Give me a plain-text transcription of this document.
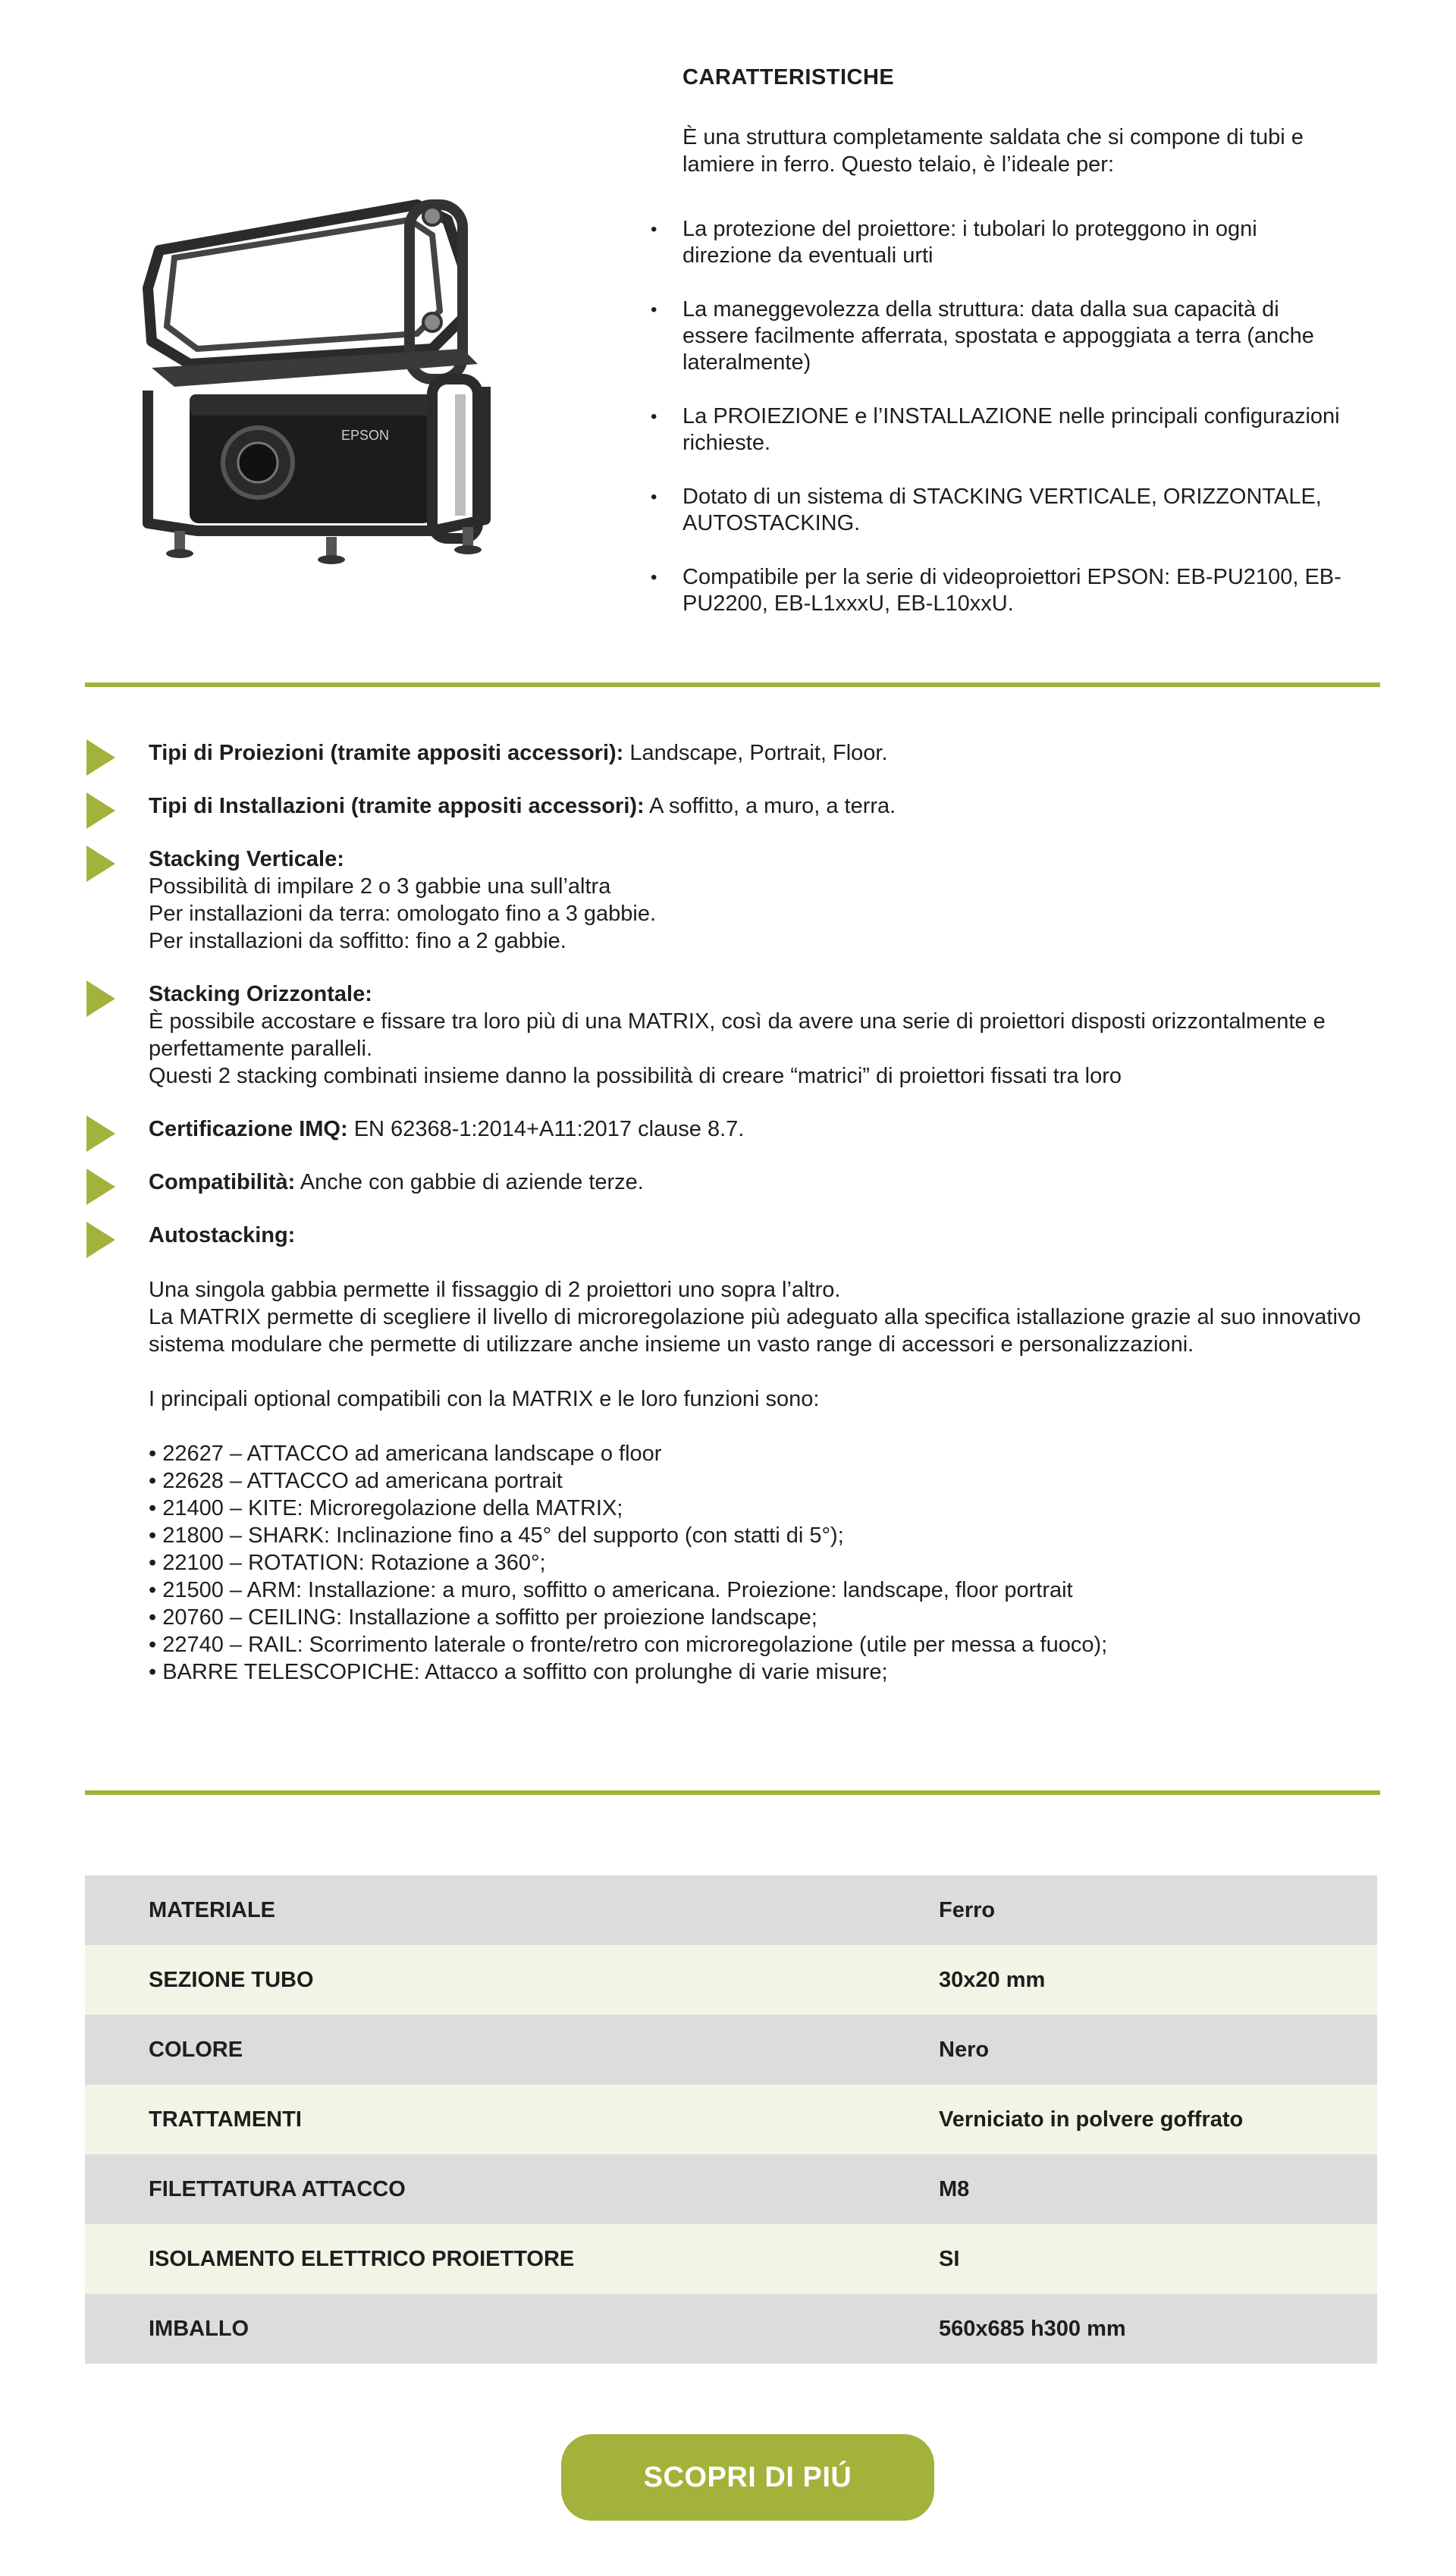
EPSON
CARATTERISTICHE

È una struttura completamente saldata che si compone di tubi e lamiere in ferro. Questo telaio, è l’ideale per:

• La protezione del proiettore: i tubolari lo proteggono in ogni direzione da eventuali urti
• La maneggevolezza della struttura: data dalla sua capacità di essere facilmente afferrata, spostata e appoggiata a terra (anche lateralmente)
• La PROIEZIONE e l’INSTALLAZIONE nelle principali configurazioni richieste.
• Dotato di un sistema di STACKING VERTICALE, ORIZZONTALE, AUTOSTACKING.
• Compatibile per la serie di videoproiettori EPSON: EB-PU2100, EB-PU2200, EB-L1xxxU, EB-L10xxU.
Tipi di Proiezioni (tramite appositi accessori): Landscape, Portrait, Floor.
Tipi di Installazioni (tramite appositi accessori): A soffitto, a muro, a terra.
Stacking Verticale:

Possibilità di impilare 2 o 3 gabbie una sull’altra

Per installazioni da terra: omologato fino a 3 gabbie.

Per installazioni da soffitto: fino a 2 gabbie.

Stacking Orizzontale:

È possibile accostare e fissare tra loro più di una MATRIX, così da avere una serie di proiettori disposti orizzontalmente e perfettamente paralleli.

Questi 2 stacking combinati insieme danno la possibilità di creare “matrici” di proiettori fissati tra loro

Certificazione IMQ: EN 62368-1:2014+A11:2017 clause 8.7.
Compatibilità: Anche con gabbie di aziende terze.
Autostacking:

Una singola gabbia permette il fissaggio di 2 proiettori uno sopra l’altro.

La MATRIX permette di scegliere il livello di microregolazione più adeguato alla specifica istallazione grazie al suo innovativo sistema modulare che permette di utilizzare anche insieme un vasto range di accessori e personalizzazioni.

I principali optional compatibili con la MATRIX e le loro funzioni sono:

• 22627 – ATTACCO ad americana landscape o floor

• 22628 – ATTACCO ad americana portrait

• 21400 – KITE: Microregolazione della MATRIX;

• 21800 – SHARK: Inclinazione fino a 45° del supporto (con statti di 5°);

• 22100 – ROTATION: Rotazione a 360°;

• 21500 – ARM: Installazione: a muro, soffitto o americana. Proiezione: landscape, floor portrait

• 20760 – CEILING: Installazione a soffitto per proiezione landscape;

• 22740 – RAIL: Scorrimento laterale o fronte/retro con microregolazione (utile per messa a fuoco);

• BARRE TELESCOPICHE: Attacco a soffitto con prolunghe di varie misure;

MATERIALE	Ferro
SEZIONE TUBO	30x20 mm
COLORE	Nero
TRATTAMENTI	Verniciato in polvere goffrato
FILETTATURA ATTACCO	M8
ISOLAMENTO ELETTRICO PROIETTORE	SI
IMBALLO	560x685 h300 mm
SCOPRI DI PIÚ
